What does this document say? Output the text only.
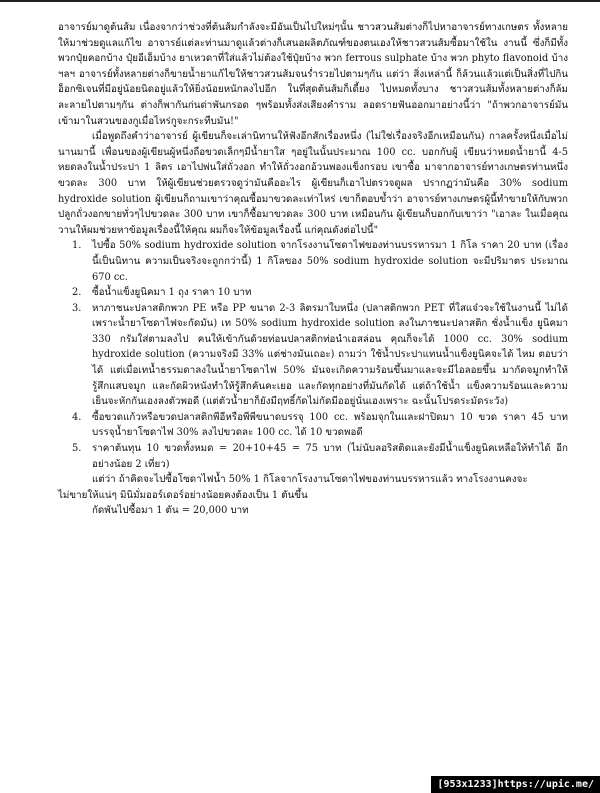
อาจารย์มาดูต้นส้ม เนื่องจากว่าช่วงที่ต้นส้มกำลังจะมีอันเป็นไปใหม่ๆนั้น ชาวสวนส้มต่างก็ไปหาอาจารย์ทางเกษตร ทั้งหลายให้มาช่วยดูแลแก้ไข อาจารย์แต่ละท่านมาดูแล้วต่างก็เสนอผลิตภัณฑ์ของตนเองให้ชาวสวนส้มซื้อมาใช้ใน งานนี้ ซึ่งก็มีทั้งพวกปุ๋ยคอกบ้าง ปุ๋ยอีเอ็มบ้าง ยาเหวดาที่ใส่แล้วไม่ต้องใช้ปุ๋ยบ้าง พวก ferrous sulphate บ้าง พวก phyto flavonoid บ้าง ฯลฯ อาจารย์ทั้งหลายต่างก็ขายน้ำยาแก้ไขให้ชาวสวนส้มจนร่ำรวยไปตามๆกัน แต่ว่า สิ่งเหล่านี้ ก็ล้วนแล้วแต่เป็นสิ่งที่ไปกินอ็อกซิเจนที่มีอยู่น้อยนิดอยู่แล้วให้ยิ่งน้อยหนักลงไปอีก ในที่สุดต้นส้มก็เดี้ยง ไปหมดทั้งบาง ชาวสวนส้มทั้งหลายต่างก็ล้มละลายไปตามๆกัน ต่างก็พากันก่นด่าพันกรอด ๆพร้อมทั้งส่งเสียงคำราม ลอดรายฟันออกมาอย่างนี้ว่า "ถ้าพวกอาจารย์มันเข้ามาในสวนของกูเมื่อไหร่กูจะกระทืบมัน!"

เมื่อพูดถึงคำว่าอาจารย์ ผู้เขียนก็จะเล่านิทานให้ฟังอีกสักเรื่องหนึ่ง (ไม่ใช่เรื่องจริงอีกเหมือนกัน) กาลครั้งหนึ่งเมื่อไม่นานมานี้ เพื่อนของผู้เขียนผู้หนึ่งถือขวดเล็กๆมีน้ำยาใส ๆอยู่ในนั้นประมาณ 100 cc. บอกกับผู้ เขียนว่าหยดน้ำยานี้ 4-5 หยดลงในน้ำประปา 1 ลิตร เอาไปพ่นใส่ถั่วงอก ทำให้ถั่วงอกอ้วนพองแข็งกรอบ เขาซื้อ มาจากอาจารย์ทางเกษตรท่านหนึ่งขวดละ 300 บาท ให้ผู้เขียนช่วยตรวจดูว่ามันคืออะไร ผู้เขียนก็เอาไปตรวจดูผล ปรากฏว่ามันคือ 30% sodium hydroxide solution ผู้เขียนก็ถามเขาว่าคุณซื้อมาขวดละเท่าไหร่ เขาก็ตอบข้ำว่า อาจารย์ทางเกษตรผู้นี้ทำขายให้กับพวกปลูกถั่วงอกขายทั่วๆไปขวดละ 300 บาท เขาก็ซื้อมาขวดละ 300 บาท เหมือนกัน ผู้เขียนก็บอกกับเขาว่า "เอาละ ในเมื่อคุณวานให้ผมช่วยหาข้อมูลเรื่องนี้ให้คุณ ผมก็จะให้ข้อมูลเรื่องนี้ แก่คุณดังต่อไปนี้"

1. ไปซื้อ 50% sodium hydroxide solution จากโรงงานโซดาไฟของท่านบรรหารมา 1 กิโล ราคา 20 บาท (เรื่องนี้เป็นนิทาน ความเป็นจริงจะถูกกว่านี้) 1 กิโลของ 50% sodium hydroxide solution จะมีปริมาตร ประมาณ 670 cc.
2. ซื้อน้ำแข็งยูนิคมา 1 ถุง ราคา 10 บาท
3. หาภาชนะปลาสติกพวก PE หรือ PP ขนาด 2-3 ลิตรมาใบหนึ่ง (ปลาสติกพวก PET ที่ใสแจ๋วจะใช้ในงานนี้ ไม่ได้เพราะน้ำยาโซดาไฟจะกัดมัน) เท 50% sodium hydroxide solution ลงในภาชนะปลาสติก ชั่งน้ำแข็ง ยูนิคมา 330 กรัมใส่ตามลงไป คนให้เข้ากันด้วยท่อนปลาสติกท่อนำเอสล่อน คุณก็จะได้ 1000 cc. 30% sodium hydroxide solution (ความจริงมี 33% แต่ช่างมันเถอะ) ถามว่า ใช้น้ำประปาแทนน้ำแข็งยูนิคจะได้ ไหม ตอบว่าได้ แต่เมื่อเทน้ำธรรมดาลงในน้ำยาโซดาไฟ 50% มันจะเกิดความร้อนขึ้นมาและจะมีไอลอยขึ้น มากัดจมูกทำให้รู้สึกแสบจมูก และกัดผิวหนังทำให้รู้สึกคันคะเยอ และกัดทุกอย่างที่มันกัดได้ แต่ถ้าใช้น้ำ แข็งความร้อนและความเย็นจะหักกันเองลงตัวพอดี (แต่ตัวน้ำยาก็ยังมีฤทธิ์กัดไม่กัดมีออยู่นั่นเองเพราะ ฉะนั้นโปรดระมัดระวัง)
4. ซื้อขวดแก้วหรือขวดปลาสติกพีอีหรือพีพีขนาดบรรจุ 100 cc. พร้อมจุกในและฝาปิดมา 10 ขวด ราคา 45 บาท บรรจุน้ำยาโซดาไฟ 30% ลงไปขวดละ 100 cc. ได้ 10 ขวดพอดี
5. ราคาต้นทุน 10 ขวดทั้งหมด = 20+10+45 = 75 บาท (ไม่นับลอริสติดและยังมีน้ำแข็งยูนิคเหลือให้ทำได้ อีกอย่างน้อย 2 เที่ยว)
แต่ว่า ถ้าคิดจะไปซื้อโซดาไฟน้ำ 50% 1 กิโลจากโรงงานโซดาไฟของท่านบรรหารแล้ว ทางโรงงานคงจะ
ไม่ขายให้แน่ๆ มินิมั่มออร์เดอร์อย่างน้อยคงต้องเป็น 1 ตันขึ้น
กัดพันไปซื้อมา 1 ตัน = 20,000 บาท
[953x1233]https://upic.me/
